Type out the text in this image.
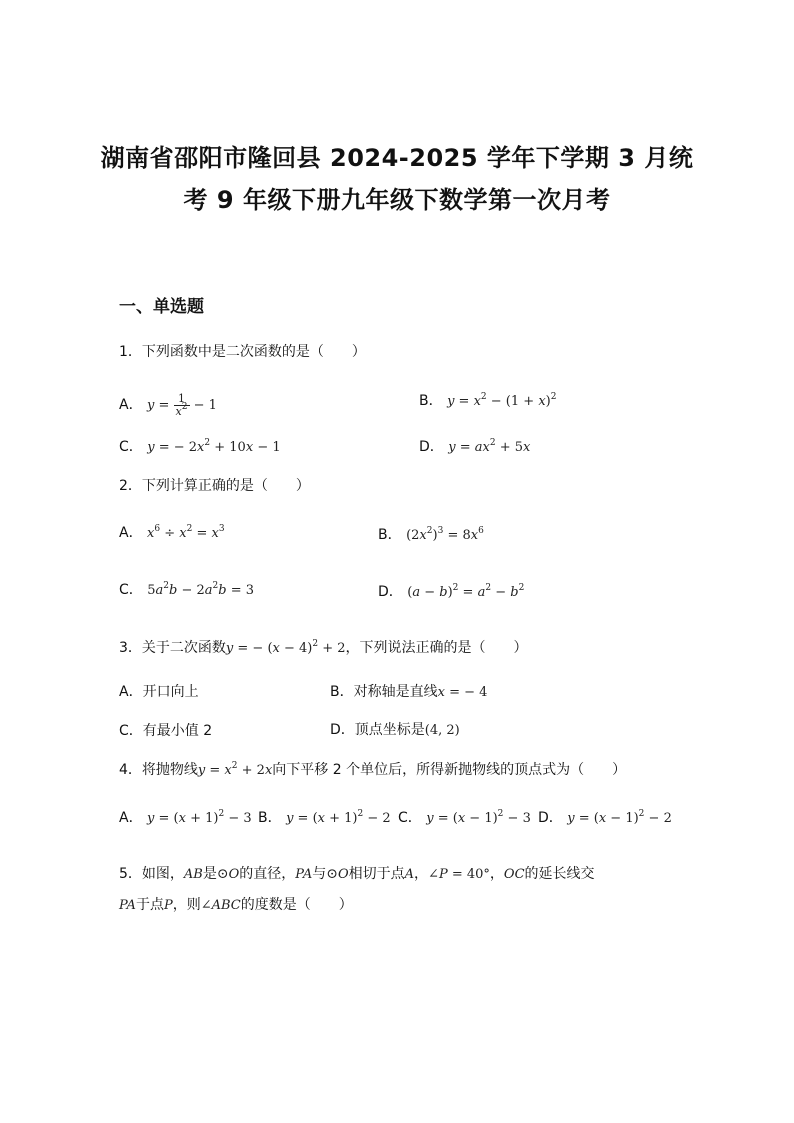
湖南省邵阳市隆回县 2024-2025 学年下学期 3 月统
考 9 年级下册九年级下数学第一次月考
一、单选题
1．下列函数中是二次函数的是（　　）
A． $y = \frac{1}{x^2} - 1$	B． $y = x^2 - (1 + x)^2$
C． y = − $2x^2 + 10x - 1$	D． $y = ax^2 + 5x$
2．下列计算正确的是（　　）
A． $x^6 \div x^2 = x^3$	B． $(2x^2)^3 = 8x^6$
C． $5a^2b - 2a^2b = 3$	D． $(a - b)^2 = a^2 - b^2$
3．关于二次函数y = − $(x - 4)^2 + 2$，下列说法正确的是（　　）
A．开口向上	B．对称轴是直线x = − 4
C．有最小值 2	D．顶点坐标是(4, 2)
4．将抛物线$y = x^2 + 2x$向下平移 2 个单位后，所得新抛物线的顶点式为（　　）
A． $y = (x + 1)^2 - 3$ B． $y = (x + 1)^2 - 2$ C． $y = (x - 1)^2 - 3$ D． $y = (x - 1)^2 - 2$
5．如图，AB是⊙O的直径，PA与⊙O相切于点A，∠P = 40°，OC的延长线交
PA于点P，则∠ABC的度数是（　　）
